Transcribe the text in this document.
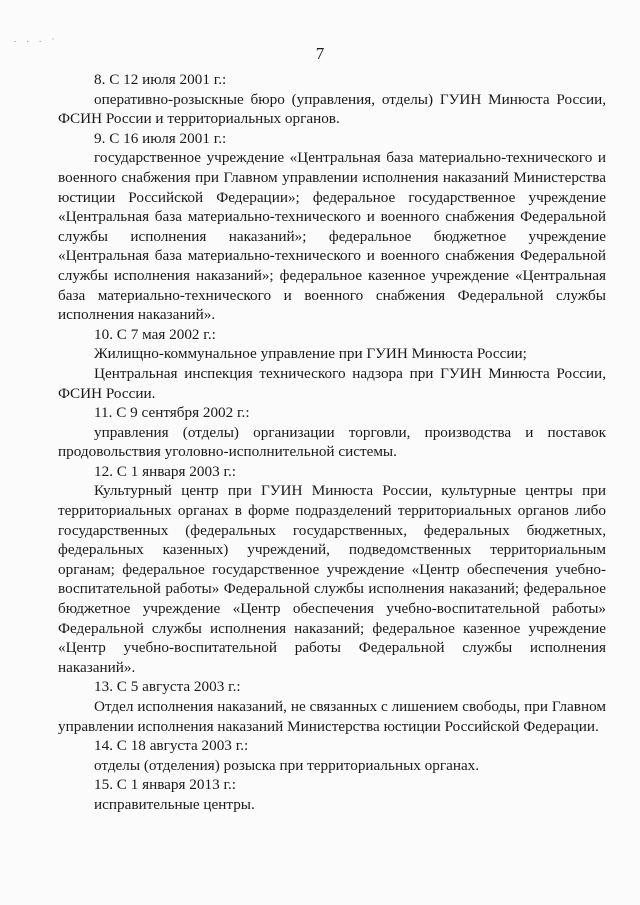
. . . ·
7
8. С 12 июля 2001 г.:
оперативно-розыскные бюро (управления, отделы) ГУИН Минюста России, ФСИН России и территориальных органов.
9. С 16 июля 2001 г.:
государственное учреждение «Центральная база материально-технического и военного снабжения при Главном управлении исполнения наказаний Министерства юстиции Российской Федерации»; федеральное государственное учреждение «Центральная база материально-технического и военного снабжения Федеральной службы исполнения наказаний»; федеральное бюджетное учреждение «Центральная база материально-технического и военного снабжения Федеральной службы исполнения наказаний»; федеральное казенное учреждение «Центральная база материально-технического и военного снабжения Федеральной службы исполнения наказаний».
10. С 7 мая 2002 г.:
Жилищно-коммунальное управление при ГУИН Минюста России;
Центральная инспекция технического надзора при ГУИН Минюста России, ФСИН России.
11. С 9 сентября 2002 г.:
управления (отделы) организации торговли, производства и поставок продовольствия уголовно-исполнительной системы.
12. С 1 января 2003 г.:
Культурный центр при ГУИН Минюста России, культурные центры при территориальных органах в форме подразделений территориальных органов либо государственных (федеральных государственных, федеральных бюджетных, федеральных казенных) учреждений, подведомственных территориальным органам; федеральное государственное учреждение «Центр обеспечения учебно-воспитательной работы» Федеральной службы исполнения наказаний; федеральное бюджетное учреждение «Центр обеспечения учебно-воспитательной работы» Федеральной службы исполнения наказаний; федеральное казенное учреждение «Центр учебно-воспитательной работы Федеральной службы исполнения наказаний».
13. С 5 августа 2003 г.:
Отдел исполнения наказаний, не связанных с лишением свободы, при Главном управлении исполнения наказаний Министерства юстиции Российской Федерации.
14. С 18 августа 2003 г.:
отделы (отделения) розыска при территориальных органах.
15. С 1 января 2013 г.:
исправительные центры.
